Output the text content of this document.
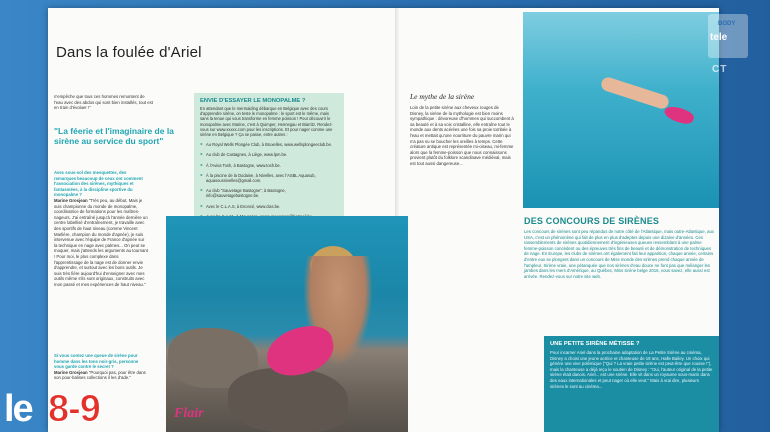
Dans la foulée d'Ariel
n'empêche que tous ces hommes remontent de l'eau avec des abdos qui sont bien installés, tout est en train d'évoluer !"
"La féerie et l'imaginaire de la sirène au service du sport"
Avec sous-sol des mesquettes, des remarques beaucoup de ceux ont comment l'association des sirènes, mythiques et fantasmées, à la discipline sportive du monopalme ?
Marine Grosjean "Très peu, au début. Mais je suis championne du monde de monopalme, coordinatrice de formations pour les maîtres-nageurs. J'ai entraîné jusqu'à l'année dernière un centre labellisé d'entraînement, je travaille avec des sportifs de haut niveau (comme Vincent Marlière, champion du monde d'apnée), je suis intervenue avec l'équipe de France d'apnée sur la technique en nage avec palmes... On peut se moquer, mais j'attends les arguments au tournant ! Pour moi, le plus complexe dans l'apprentissage de la nage est de donner envie d'apprendre, et surtout avec les bons outils. Je suis très fière aujourd'hui d'enseigner avec mes outils même s'ils sont originaux, construits avec mon passé et mes expériences de haut niveau."
Si vous contez une queue de sirène pour homme dans les tons noir-gris, personne vous garde contre le secret ?
Marine Grosjean "Pourquoi pas, pour être dans son pour-balises collections il les d'ade."
ENVIE D'ESSAYER LE MONOPALME ?
En attendant que le mermaiding débarque en Belgique avec des cours d'apprendre sirène, on teste le monopalme : le sport est le même, mais sans la tenue qui vous transforme en femme poisson ! Pour découvrir le monopalme avec Marine, c'est à Quimper, Hennegau et Biarritz. Rendez-vous sur www.xxxxx.com pour les inscriptions. Et pour nager comme une sirène en Belgique ? Ça se passe, entre autres :
► Au Royal Wells Plongée Club, à Bruxelles, www.wellsplongeeclub.be.
► Au club de Castagnes, à Liège, www.lpm.be.
► À l'Aviva Tosh, à Bastogne, www.tosh.be.
► À la piscine de la Dodaine, à Nivelles, avec l'ASBL Aquasub, aquasousnivelles@gmail.com.
► Au club "Sauvetage Bastogne", à Bastogne, info@sauvetagebastogne.be.
► Avec le C.L.A.S, à Enoncé, www.clas.be.
►
Flair
Le mythe de la sirène
Loin de la petite sirène aux cheveux rouges de Disney, la sirène de la mythologie est bien moins sympathique : dévoreuse d'hommes qui succombent à sa beauté et à sa voix cristalline, elle entraîne tout le monde aux dents acérées une fois sa proie tombée à l'eau et mettait qu'une nourriture du pauvre marin qui n'a pas su se boucher les oreilles à temps. Cette créature antique est représentée mi-oiseau, mi-femme alors que la femme-poisson que nous connaissons provient plutôt du folklore scandinave médiéval, mais est tout aussi dangereuse...
DES CONCOURS DE SIRÈNES
Les concours de sirènes sont peu répandus de notre côté de l'Atlantique, mais outre-Atlantique, aux USA, c'est un phénomène qui fait de plus en plus d'adeptes depuis une dizaine d'années. Ces rassemblements de sirènes quotidiennement d'ingénieuses queues ressemblant à une palme femme-poisson concèdent ou des épreuves très fins de beauté et de démonstration de techniques de nage. En Europe, les clubs de sirènes ont également fait leur apparition, chaque année, certains d'entre eux se plongent dans un concours de Miss monde des sirènes prend chaque année de l'ampleur. Sirène vraie, une pétanquée que nos sirènes d'eau douce ne font pas que mélanger les jambes dans les mers d'Amérique, au Québec, Miss sirène belge 2016, vous savez, elle aussi est arrivée. Rendez-vous sur notre site web.
UNE PETITE SIRÈNE MÉTISSE ?
Pour incarner Ariel dans la prochaine adaptation de La Petite Sirène au cinéma, Disney a choisi une jeune actrice et chanteuse de 19 ans, Halle Bailey. Un choix qui génère une vive polémique ("Qui ? La vraie petite sirène est peut-être que rousse !"), mais la chanteuse a déjà reçu le soutien de Disney : "Oui, l'auteur original de la petite sirène était danois. Ariel... est une sirène. Elle vit dans un royaume sous-marin dans des eaux internationales et peut nager où elle veut." Mais à vrai dire, plusieurs sirènes le sont au cinéma...
BODY
tele
CT
le 8-9
